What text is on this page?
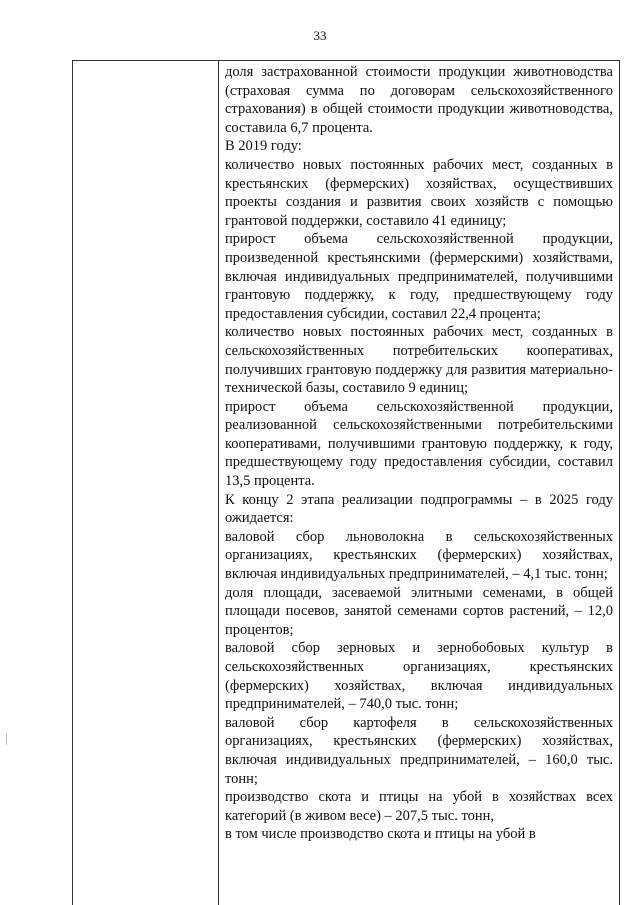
33

доля застрахованной стоимости продукции животноводства (страховая сумма по договорам сельскохозяйственного страхования) в общей стоимости продукции животноводства, составила 6,7 процента.

В 2019 году:

количество новых постоянных рабочих мест, созданных в крестьянских (фермерских) хозяйствах, осуществивших проекты создания и развития своих хозяйств с помощью грантовой поддержки, составило 41 единицу;

прирост объема сельскохозяйственной продукции, произведенной крестьянскими (фермерскими) хозяйствами, включая индивидуальных предпринимателей, получившими грантовую поддержку, к году, предшествующему году предоставления субсидии, составил 22,4 процента;

количество новых постоянных рабочих мест, созданных в сельскохозяйственных потребительских кооперативах, получивших грантовую поддержку для развития материально-технической базы, составило 9 единиц;

прирост объема сельскохозяйственной продукции, реализованной сельскохозяйственными потребительскими кооперативами, получившими грантовую поддержку, к году, предшествующему году предоставления субсидии, составил 13,5 процента.

К концу 2 этапа реализации подпрограммы – в 2025 году ожидается:

валовой сбор льноволокна в сельскохозяйственных организациях, крестьянских (фермерских) хозяйствах, включая индивидуальных предпринимателей, – 4,1 тыс. тонн;

доля площади, засеваемой элитными семенами, в общей площади посевов, занятой семенами сортов растений, – 12,0 процентов;

валовой сбор зерновых и зернобобовых культур в сельскохозяйственных организациях, крестьянских (фермерских) хозяйствах, включая индивидуальных предпринимателей, – 740,0 тыс. тонн;

валовой сбор картофеля в сельскохозяйственных организациях, крестьянских (фермерских) хозяйствах, включая индивидуальных предпринимателей, – 160,0 тыс. тонн;

производство скота и птицы на убой в хозяйствах всех категорий (в живом весе) – 207,5 тыс. тонн,

в том числе производство скота и птицы на убой в
